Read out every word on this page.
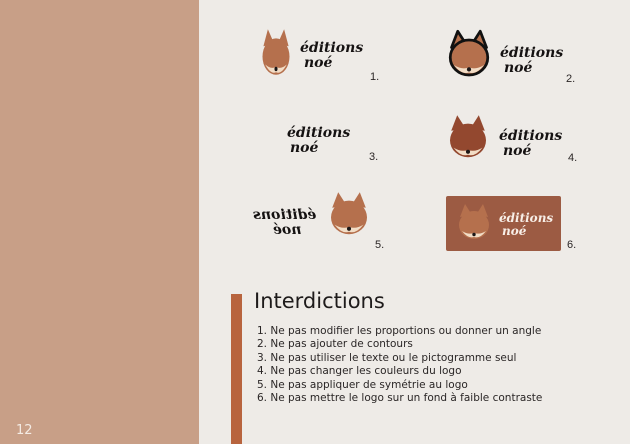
12
éditions
noé
1.
éditions
noé
2.
éditions
noé
3.
éditions
noé	4.
éditions
noé
5.
éditions
noé
6.
Interdictions
1. Ne pas modifier les proportions ou donner un angle
2. Ne pas ajouter de contours
3. Ne pas utiliser le texte ou le pictogramme seul
4. Ne pas changer les couleurs du logo
5. Ne pas appliquer de symétrie au logo
6. Ne pas mettre le logo sur un fond à faible contraste
